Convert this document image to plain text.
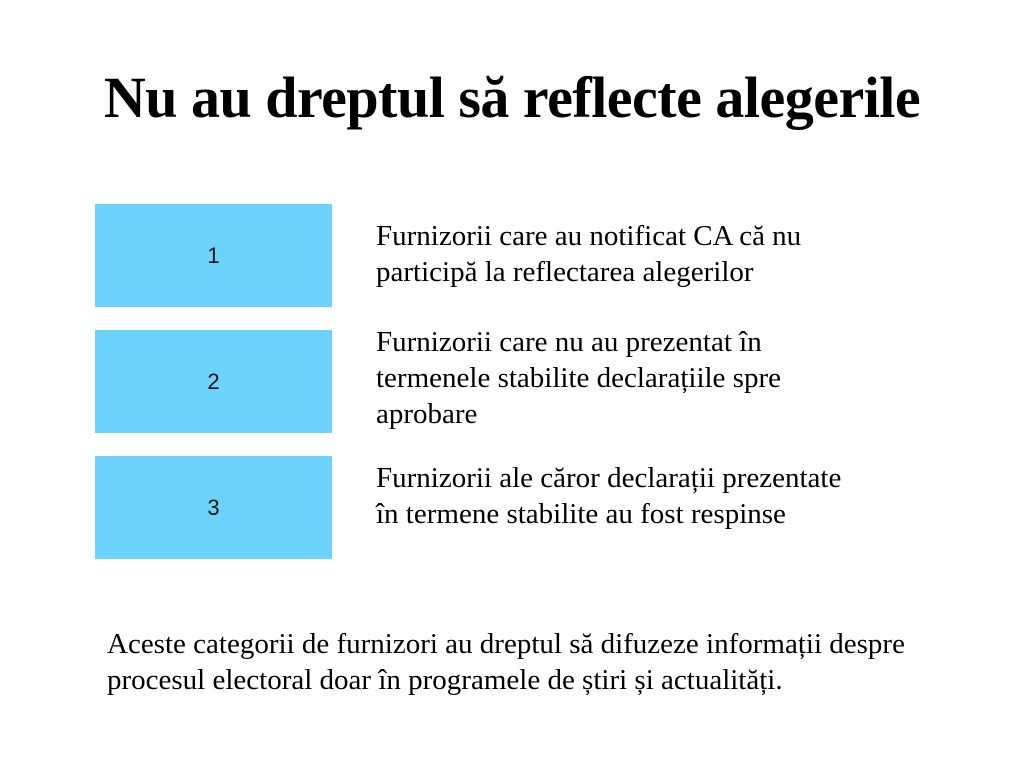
Nu au dreptul să reflecte alegerile
1

Furnizorii care au notificat CA că nu participă la reflectarea alegerilor

2

Furnizorii care nu au prezentat în termenele stabilite declarațiile spre aprobare

3

Furnizorii ale căror declarații prezentate în termene stabilite au fost respinse

Aceste categorii de furnizori au dreptul să difuzeze informații despre procesul electoral doar în programele de știri și actualități.
